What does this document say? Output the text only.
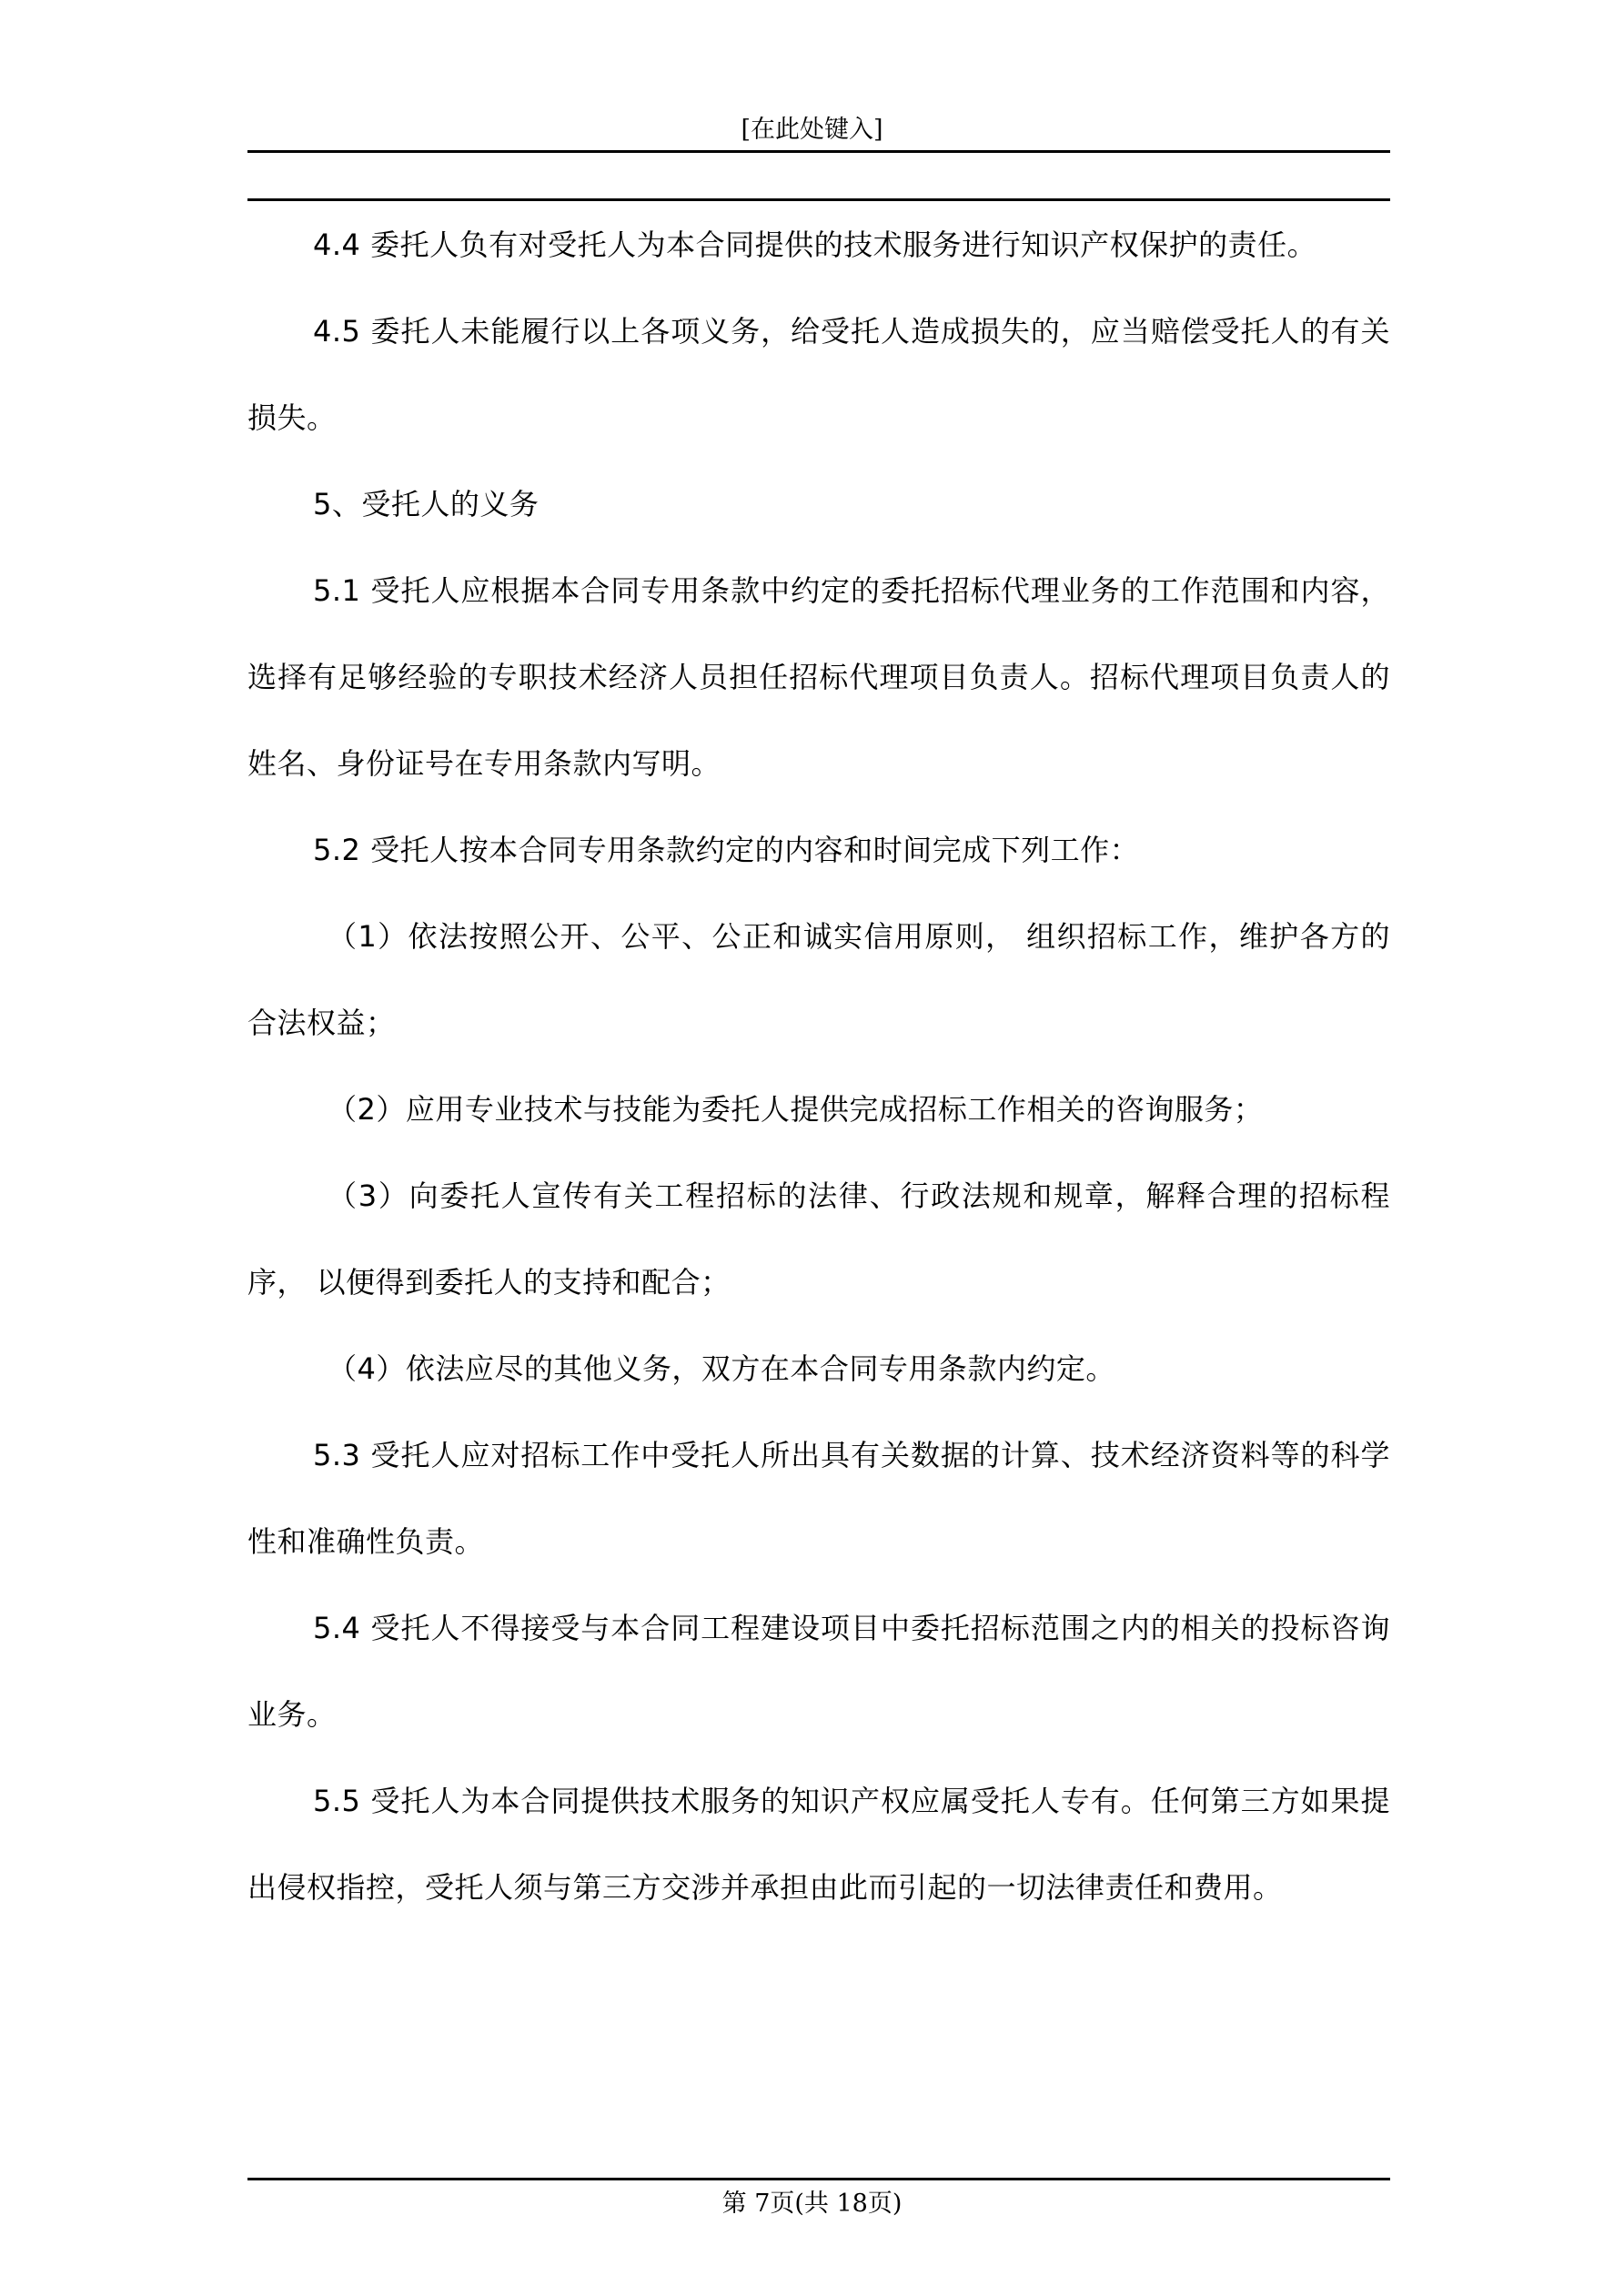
[在此处键入]

4.4 委托人负有对受托人为本合同提供的技术服务进行知识产权保护的责任。

4.5 委托人未能履行以上各项义务，给受托人造成损失的，应当赔偿受托人的有关损失。

5、受托人的义务

5.1 受托人应根据本合同专用条款中约定的委托招标代理业务的工作范围和内容，选择有足够经验的专职技术经济人员担任招标代理项目负责人。招标代理项目负责人的姓名、身份证号在专用条款内写明。

5.2 受托人按本合同专用条款约定的内容和时间完成下列工作：

（1）依法按照公开、公平、公正和诚实信用原则， 组织招标工作，维护各方的合法权益；

（2）应用专业技术与技能为委托人提供完成招标工作相关的咨询服务；

（3）向委托人宣传有关工程招标的法律、行政法规和规章，解释合理的招标程序， 以便得到委托人的支持和配合；

（4）依法应尽的其他义务，双方在本合同专用条款内约定。

5.3 受托人应对招标工作中受托人所出具有关数据的计算、技术经济资料等的科学性和准确性负责。

5.4 受托人不得接受与本合同工程建设项目中委托招标范围之内的相关的投标咨询业务。

5.5 受托人为本合同提供技术服务的知识产权应属受托人专有。任何第三方如果提出侵权指控，受托人须与第三方交涉并承担由此而引起的一切法律责任和费用。

第 7页(共 18页)
